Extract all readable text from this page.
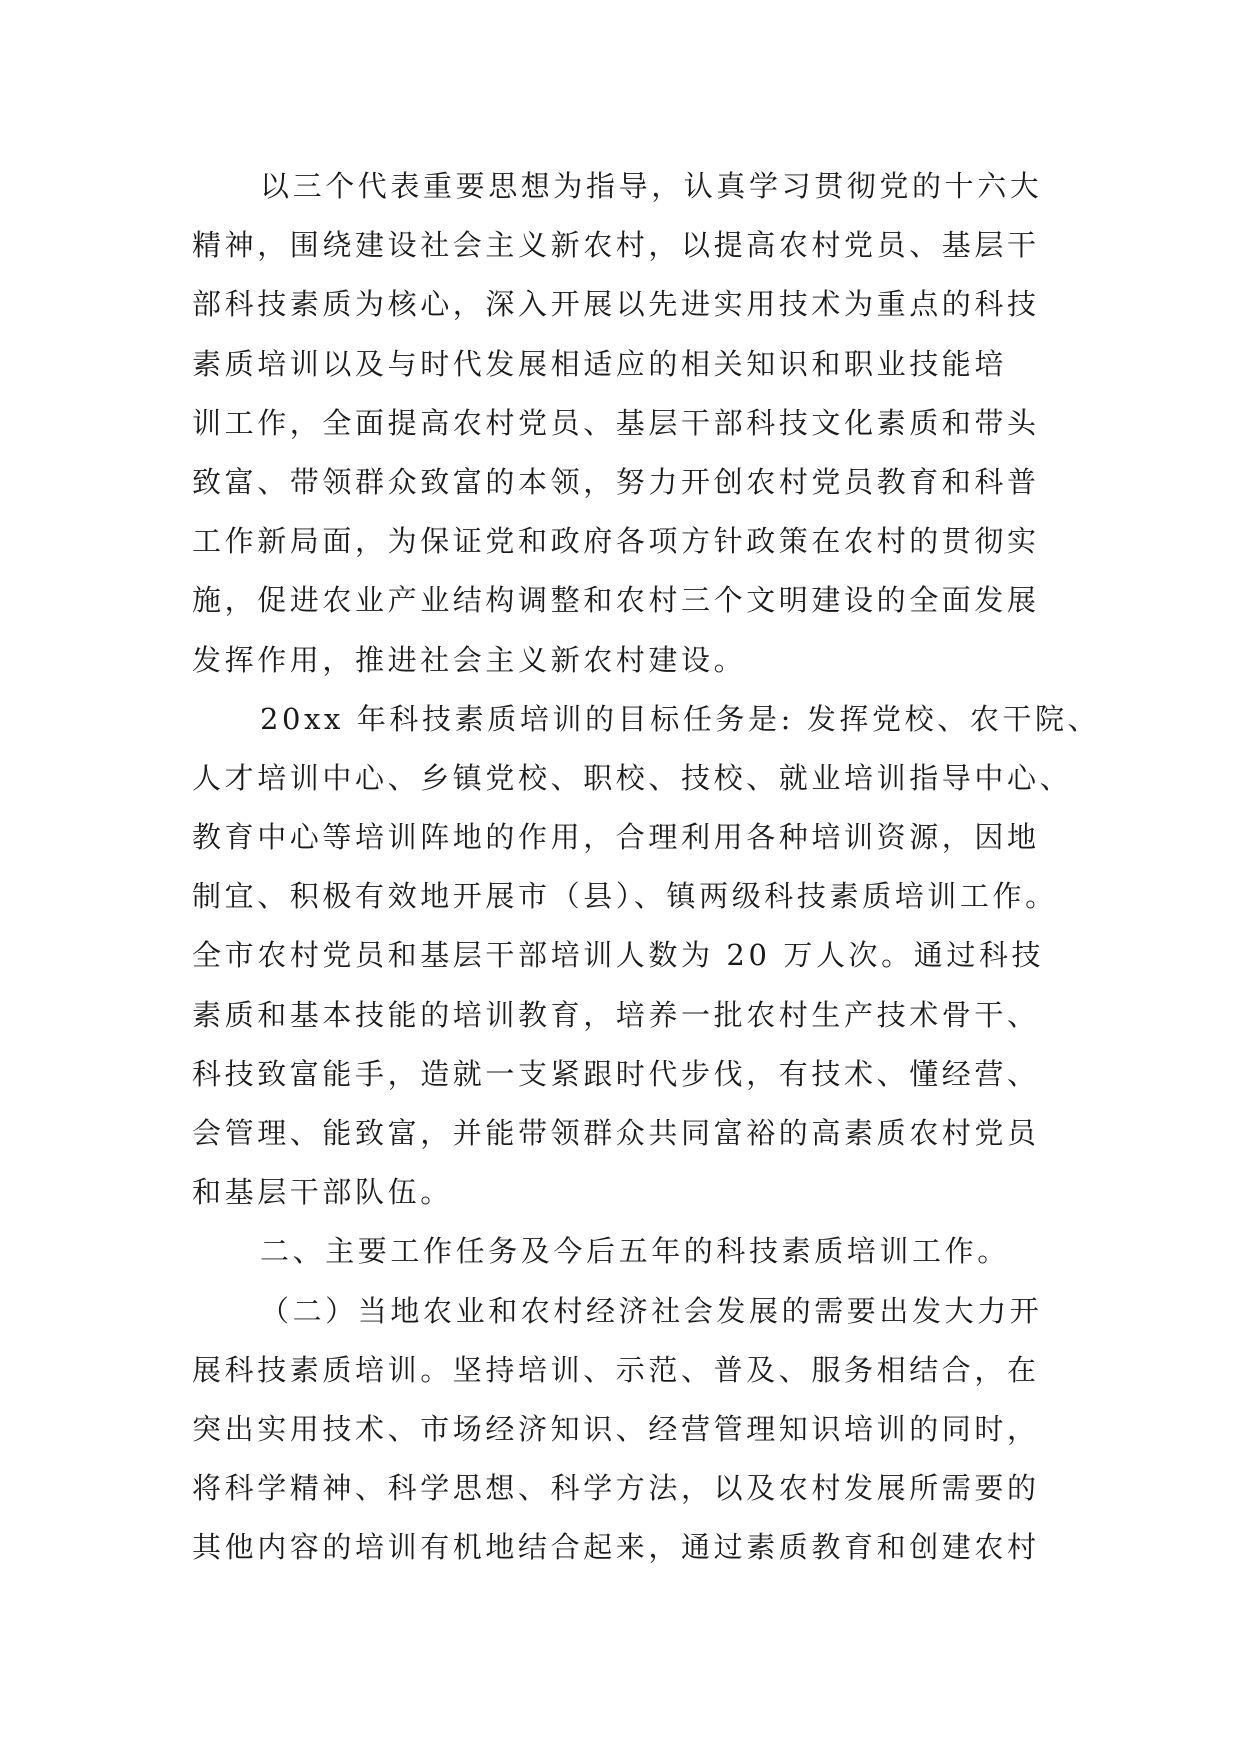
以三个代表重要思想为指导，认真学习贯彻党的十六大
精神，围绕建设社会主义新农村，以提高农村党员、基层干
部科技素质为核心，深入开展以先进实用技术为重点的科技
素质培训以及与时代发展相适应的相关知识和职业技能培
训工作，全面提高农村党员、基层干部科技文化素质和带头
致富、带领群众致富的本领，努力开创农村党员教育和科普
工作新局面，为保证党和政府各项方针政策在农村的贯彻实
施，促进农业产业结构调整和农村三个文明建设的全面发展
发挥作用，推进社会主义新农村建设。
20xx 年科技素质培训的目标任务是: 发挥党校、农干院、
人才培训中心、乡镇党校、职校、技校、就业培训指导中心、
教育中心等培训阵地的作用，合理利用各种培训资源，因地
制宜、积极有效地开展市（县）、镇两级科技素质培训工作。
全市农村党员和基层干部培训人数为 20 万人次。通过科技
素质和基本技能的培训教育，培养一批农村生产技术骨干、
科技致富能手，造就一支紧跟时代步伐，有技术、懂经营、
会管理、能致富，并能带领群众共同富裕的高素质农村党员
和基层干部队伍。
二、主要工作任务及今后五年的科技素质培训工作。
（二）当地农业和农村经济社会发展的需要出发大力开
展科技素质培训。坚持培训、示范、普及、服务相结合，在
突出实用技术、市场经济知识、经营管理知识培训的同时，
将科学精神、科学思想、科学方法，以及农村发展所需要的
其他内容的培训有机地结合起来，通过素质教育和创建农村
